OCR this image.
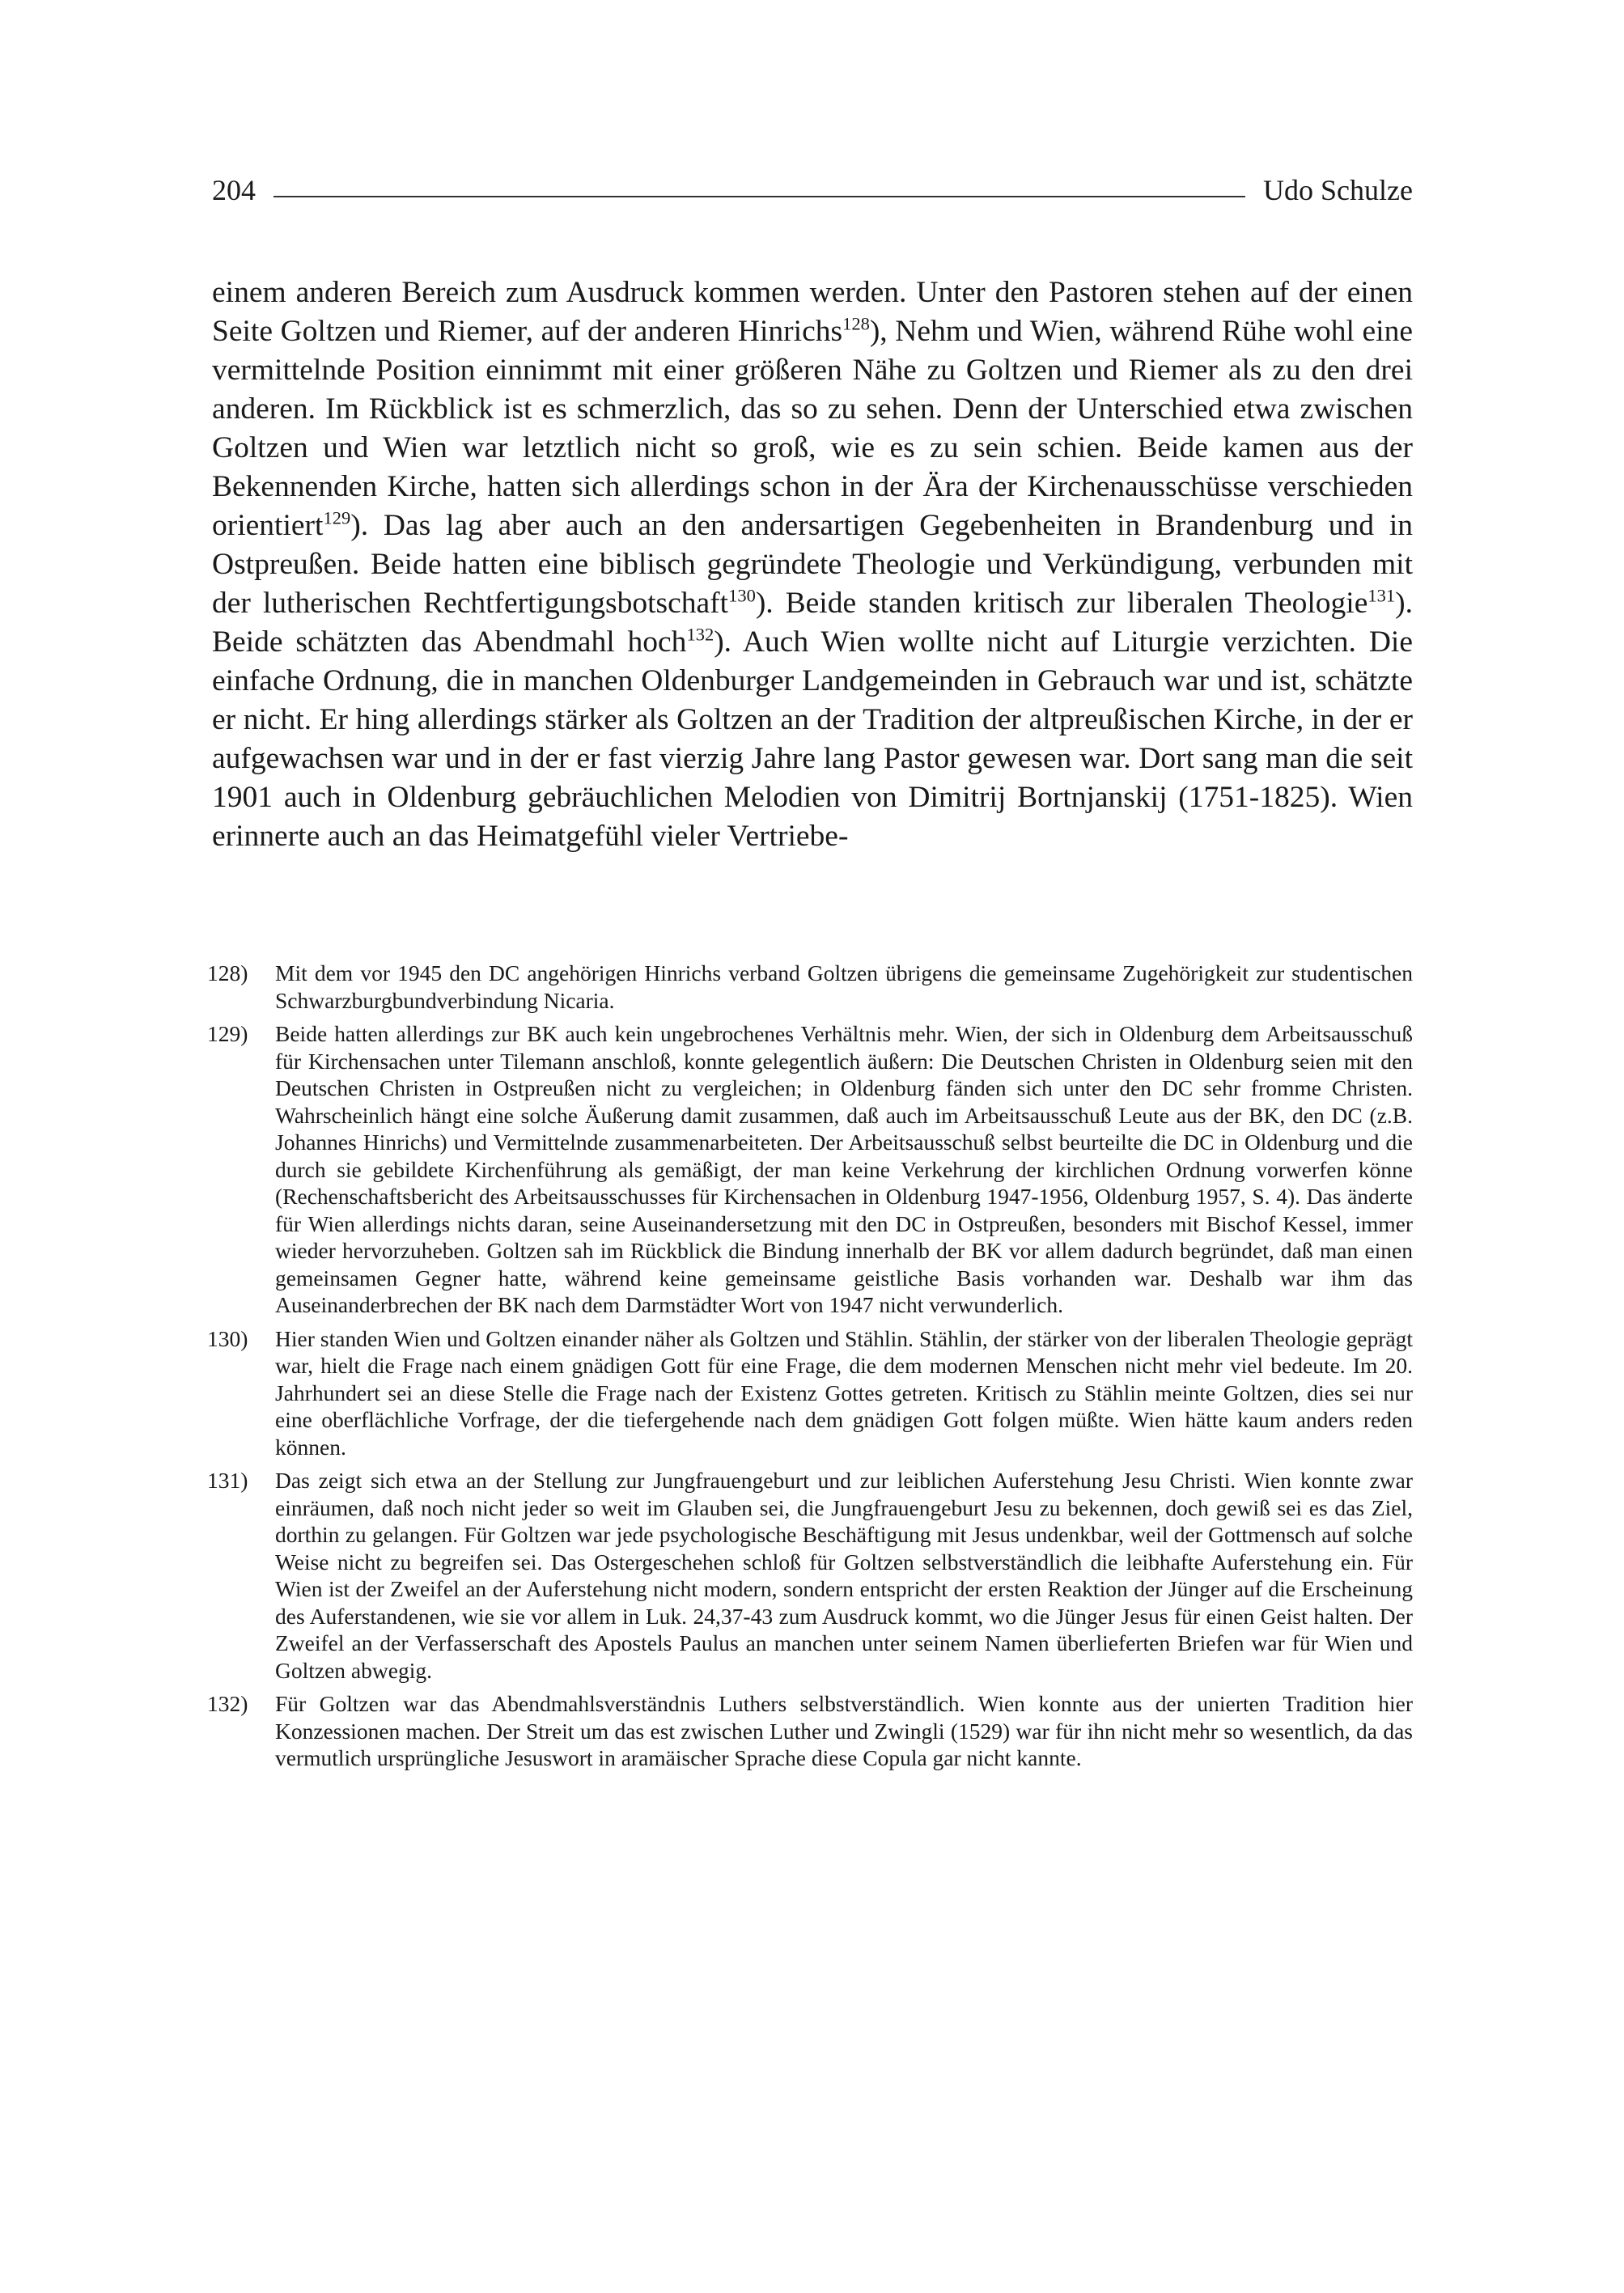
204	Udo Schulze

einem anderen Bereich zum Ausdruck kommen werden. Unter den Pastoren stehen auf der einen Seite Goltzen und Riemer, auf der anderen Hinrichs$^{128}$), Nehm und Wien, während Rühe wohl eine vermittelnde Position einnimmt mit einer größeren Nähe zu Goltzen und Riemer als zu den drei anderen. Im Rückblick ist es schmerzlich, das so zu sehen. Denn der Unterschied etwa zwischen Goltzen und Wien war letztlich nicht so groß, wie es zu sein schien. Beide kamen aus der Bekennenden Kirche, hatten sich allerdings schon in der Ära der Kirchenausschüsse verschieden orientiert$^{129}$). Das lag aber auch an den andersartigen Gegebenheiten in Brandenburg und in Ostpreußen. Beide hatten eine biblisch gegründete Theologie und Verkündigung, verbunden mit der lutherischen Rechtfertigungsbotschaft$^{130}$). Beide standen kritisch zur liberalen Theologie$^{131}$). Beide schätzten das Abendmahl hoch$^{132}$). Auch Wien wollte nicht auf Liturgie verzichten. Die einfache Ordnung, die in manchen Oldenburger Landgemeinden in Gebrauch war und ist, schätzte er nicht. Er hing allerdings stärker als Goltzen an der Tradition der altpreußischen Kirche, in der er aufgewachsen war und in der er fast vierzig Jahre lang Pastor gewesen war. Dort sang man die seit 1901 auch in Oldenburg gebräuchlichen Melodien von Dimitrij Bortnjanskij (1751-1825). Wien erinnerte auch an das Heimatgefühl vieler Vertriebe-

128)	Mit dem vor 1945 den DC angehörigen Hinrichs verband Goltzen übrigens die gemeinsame Zugehörigkeit zur studentischen Schwarzburgbundverbindung Nicaria.
129)	Beide hatten allerdings zur BK auch kein ungebrochenes Verhältnis mehr. Wien, der sich in Oldenburg dem Arbeitsausschuß für Kirchensachen unter Tilemann anschloß, konnte gelegentlich äußern: Die Deutschen Christen in Oldenburg seien mit den Deutschen Christen in Ostpreußen nicht zu vergleichen; in Oldenburg fänden sich unter den DC sehr fromme Christen. Wahrscheinlich hängt eine solche Äußerung damit zusammen, daß auch im Arbeitsausschuß Leute aus der BK, den DC (z.B. Johannes Hinrichs) und Vermittelnde zusammenarbeiteten. Der Arbeitsausschuß selbst beurteilte die DC in Oldenburg und die durch sie gebildete Kirchenführung als gemäßigt, der man keine Verkehrung der kirchlichen Ordnung vorwerfen könne (Rechenschaftsbericht des Arbeitsausschusses für Kirchensachen in Oldenburg 1947-1956, Oldenburg 1957, S. 4). Das änderte für Wien allerdings nichts daran, seine Auseinandersetzung mit den DC in Ostpreußen, besonders mit Bischof Kessel, immer wieder hervorzuheben. Goltzen sah im Rückblick die Bindung innerhalb der BK vor allem dadurch begründet, daß man einen gemeinsamen Gegner hatte, während keine gemeinsame geistliche Basis vorhanden war. Deshalb war ihm das Auseinanderbrechen der BK nach dem Darmstädter Wort von 1947 nicht verwunderlich.
130)	Hier standen Wien und Goltzen einander näher als Goltzen und Stählin. Stählin, der stärker von der liberalen Theologie geprägt war, hielt die Frage nach einem gnädigen Gott für eine Frage, die dem modernen Menschen nicht mehr viel bedeute. Im 20. Jahrhundert sei an diese Stelle die Frage nach der Existenz Gottes getreten. Kritisch zu Stählin meinte Goltzen, dies sei nur eine oberflächliche Vorfrage, der die tiefergehende nach dem gnädigen Gott folgen müßte. Wien hätte kaum anders reden können.
131)	Das zeigt sich etwa an der Stellung zur Jungfrauengeburt und zur leiblichen Auferstehung Jesu Christi. Wien konnte zwar einräumen, daß noch nicht jeder so weit im Glauben sei, die Jungfrauengeburt Jesu zu bekennen, doch gewiß sei es das Ziel, dorthin zu gelangen. Für Goltzen war jede psychologische Beschäftigung mit Jesus undenkbar, weil der Gottmensch auf solche Weise nicht zu begreifen sei. Das Ostergeschehen schloß für Goltzen selbstverständlich die leibhafte Auferstehung ein. Für Wien ist der Zweifel an der Auferstehung nicht modern, sondern entspricht der ersten Reaktion der Jünger auf die Erscheinung des Auferstandenen, wie sie vor allem in Luk. 24,37-43 zum Ausdruck kommt, wo die Jünger Jesus für einen Geist halten. Der Zweifel an der Verfasserschaft des Apostels Paulus an manchen unter seinem Namen überlieferten Briefen war für Wien und Goltzen abwegig.
132)	Für Goltzen war das Abendmahlsverständnis Luthers selbstverständlich. Wien konnte aus der unierten Tradition hier Konzessionen machen. Der Streit um das est zwischen Luther und Zwingli (1529) war für ihn nicht mehr so wesentlich, da das vermutlich ursprüngliche Jesuswort in aramäischer Sprache diese Copula gar nicht kannte.
